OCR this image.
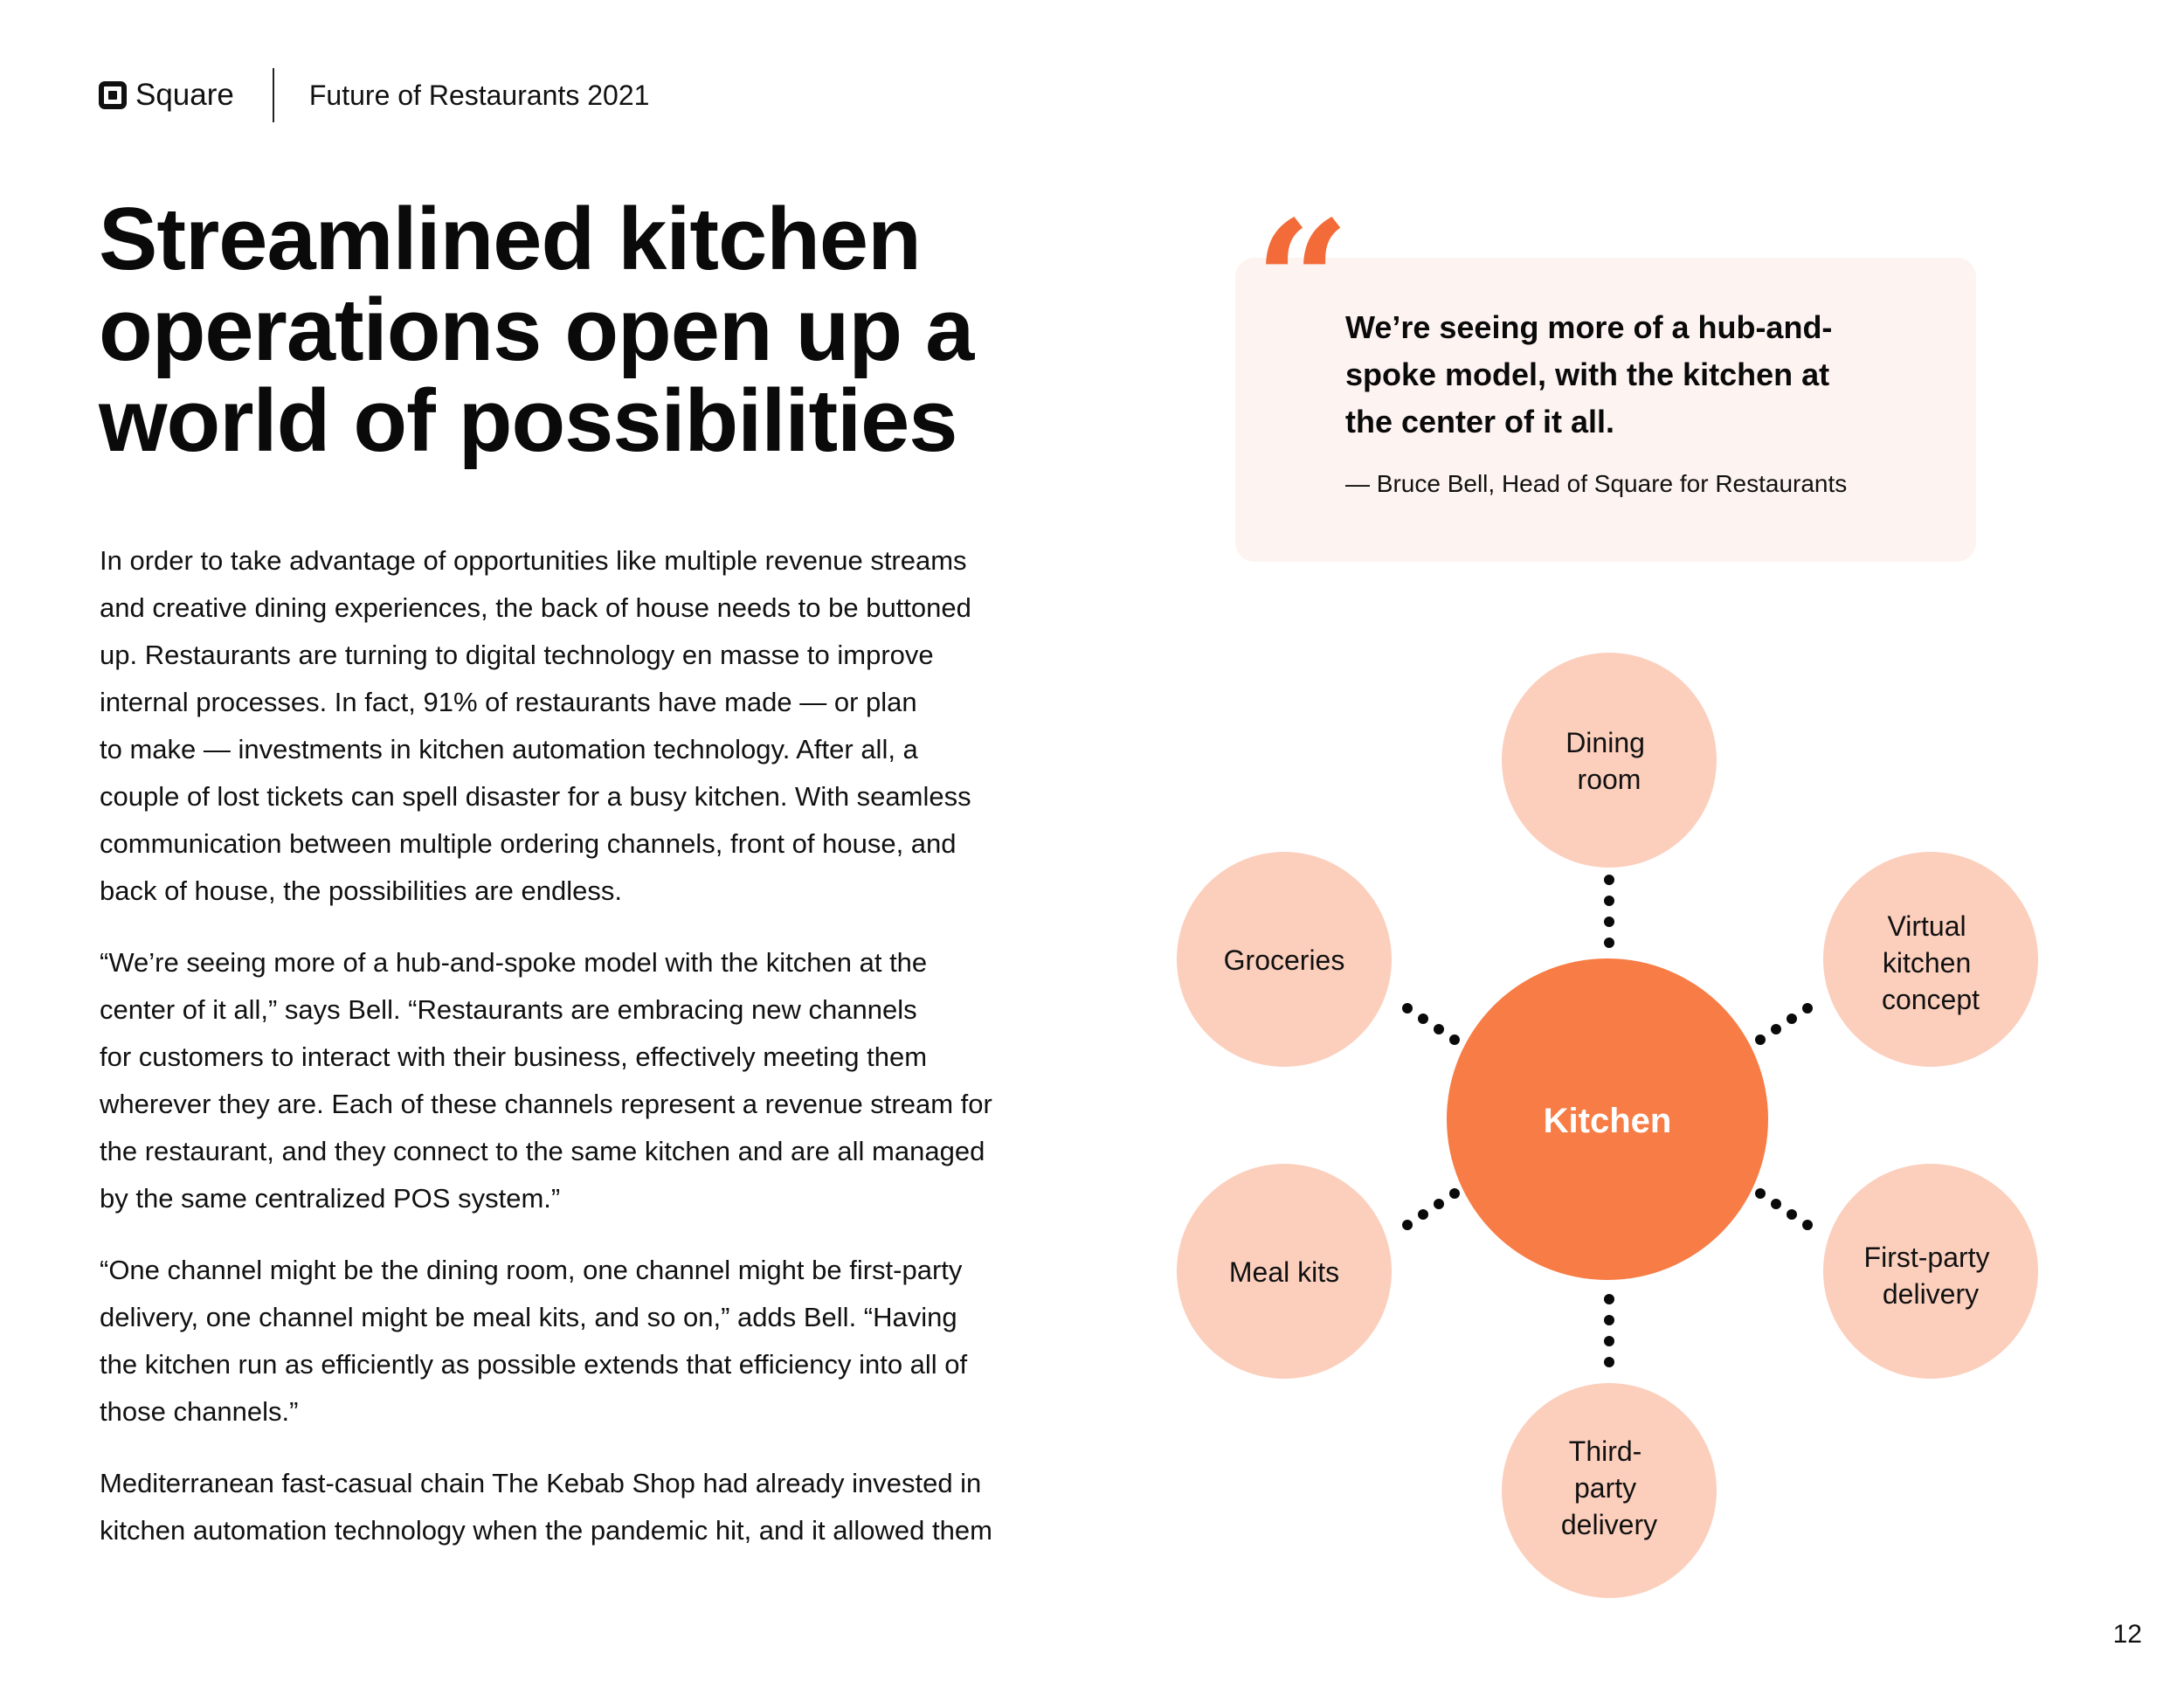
Square	Future of Restaurants 2021
Streamlined kitchen
operations open up a
world of possibilities

In order to take advantage of opportunities like multiple revenue streams
and creative dining experiences, the back of house needs to be buttoned
up. Restaurants are turning to digital technology en masse to improve
internal processes. In fact, 91% of restaurants have made — or plan
to make — investments in kitchen automation technology. After all, a
couple of lost tickets can spell disaster for a busy kitchen. With seamless
communication between multiple ordering channels, front of house, and
back of house, the possibilities are endless.

“We’re seeing more of a hub-and-spoke model with the kitchen at the
center of it all,” says Bell. “Restaurants are embracing new channels
for customers to interact with their business, effectively meeting them
wherever they are. Each of these channels represent a revenue stream for
the restaurant, and they connect to the same kitchen and are all managed
by the same centralized POS system.”

“One channel might be the dining room, one channel might be first-party
delivery, one channel might be meal kits, and so on,” adds Bell. “Having
the kitchen run as efficiently as possible extends that efficiency into all of
those channels.”

Mediterranean fast-casual chain The Kebab Shop had already invested in
kitchen automation technology when the pandemic hit, and it allowed them

“

We’re seeing more of a hub-and-
spoke model, with the kitchen at
the center of it all.

— Bruce Bell, Head of Square for Restaurants

Dining room
Virtual kitchen concept
First-party delivery
Third- party delivery
Meal kits
Groceries
Kitchen

12
